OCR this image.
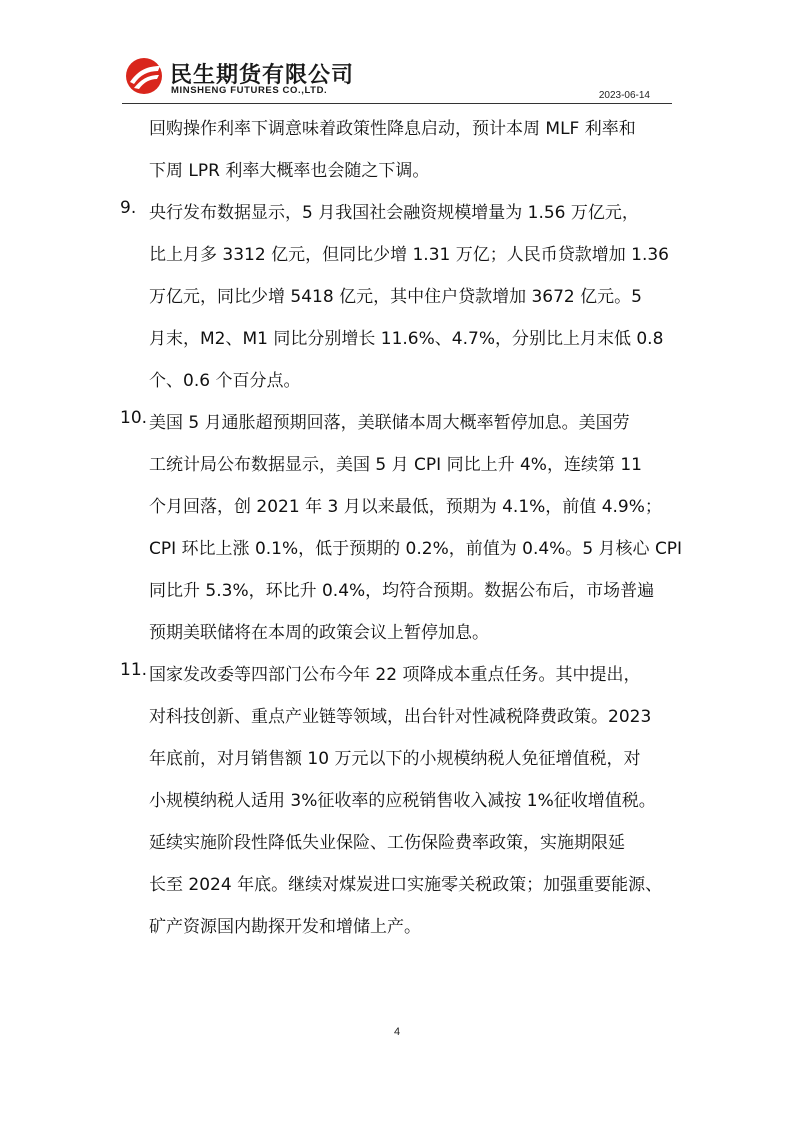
民生期货有限公司
MINSHENG FUTURES CO.,LTD.	2023-06-14
回购操作利率下调意味着政策性降息启动，预计本周 MLF 利率和
下周 LPR 利率大概率也会随之下调。
9. 央行发布数据显示，5 月我国社会融资规模增量为 1.56 万亿元，
比上月多 3312 亿元，但同比少增 1.31 万亿；人民币贷款增加 1.36
万亿元，同比少增 5418 亿元，其中住户贷款增加 3672 亿元。5
月末，M2、M1 同比分别增长 11.6%、4.7%，分别比上月末低 0.8
个、0.6 个百分点。
10. 美国 5 月通胀超预期回落，美联储本周大概率暂停加息。美国劳
工统计局公布数据显示，美国 5 月 CPI 同比上升 4%，连续第 11
个月回落，创 2021 年 3 月以来最低，预期为 4.1%，前值 4.9%；
CPI 环比上涨 0.1%，低于预期的 0.2%，前值为 0.4%。5 月核心 CPI
同比升 5.3%，环比升 0.4%，均符合预期。数据公布后，市场普遍
预期美联储将在本周的政策会议上暂停加息。
11. 国家发改委等四部门公布今年 22 项降成本重点任务。其中提出，
对科技创新、重点产业链等领域，出台针对性减税降费政策。2023
年底前，对月销售额 10 万元以下的小规模纳税人免征增值税，对
小规模纳税人适用 3%征收率的应税销售收入减按 1%征收增值税。
延续实施阶段性降低失业保险、工伤保险费率政策，实施期限延
长至 2024 年底。继续对煤炭进口实施零关税政策；加强重要能源、
矿产资源国内勘探开发和增储上产。
4
